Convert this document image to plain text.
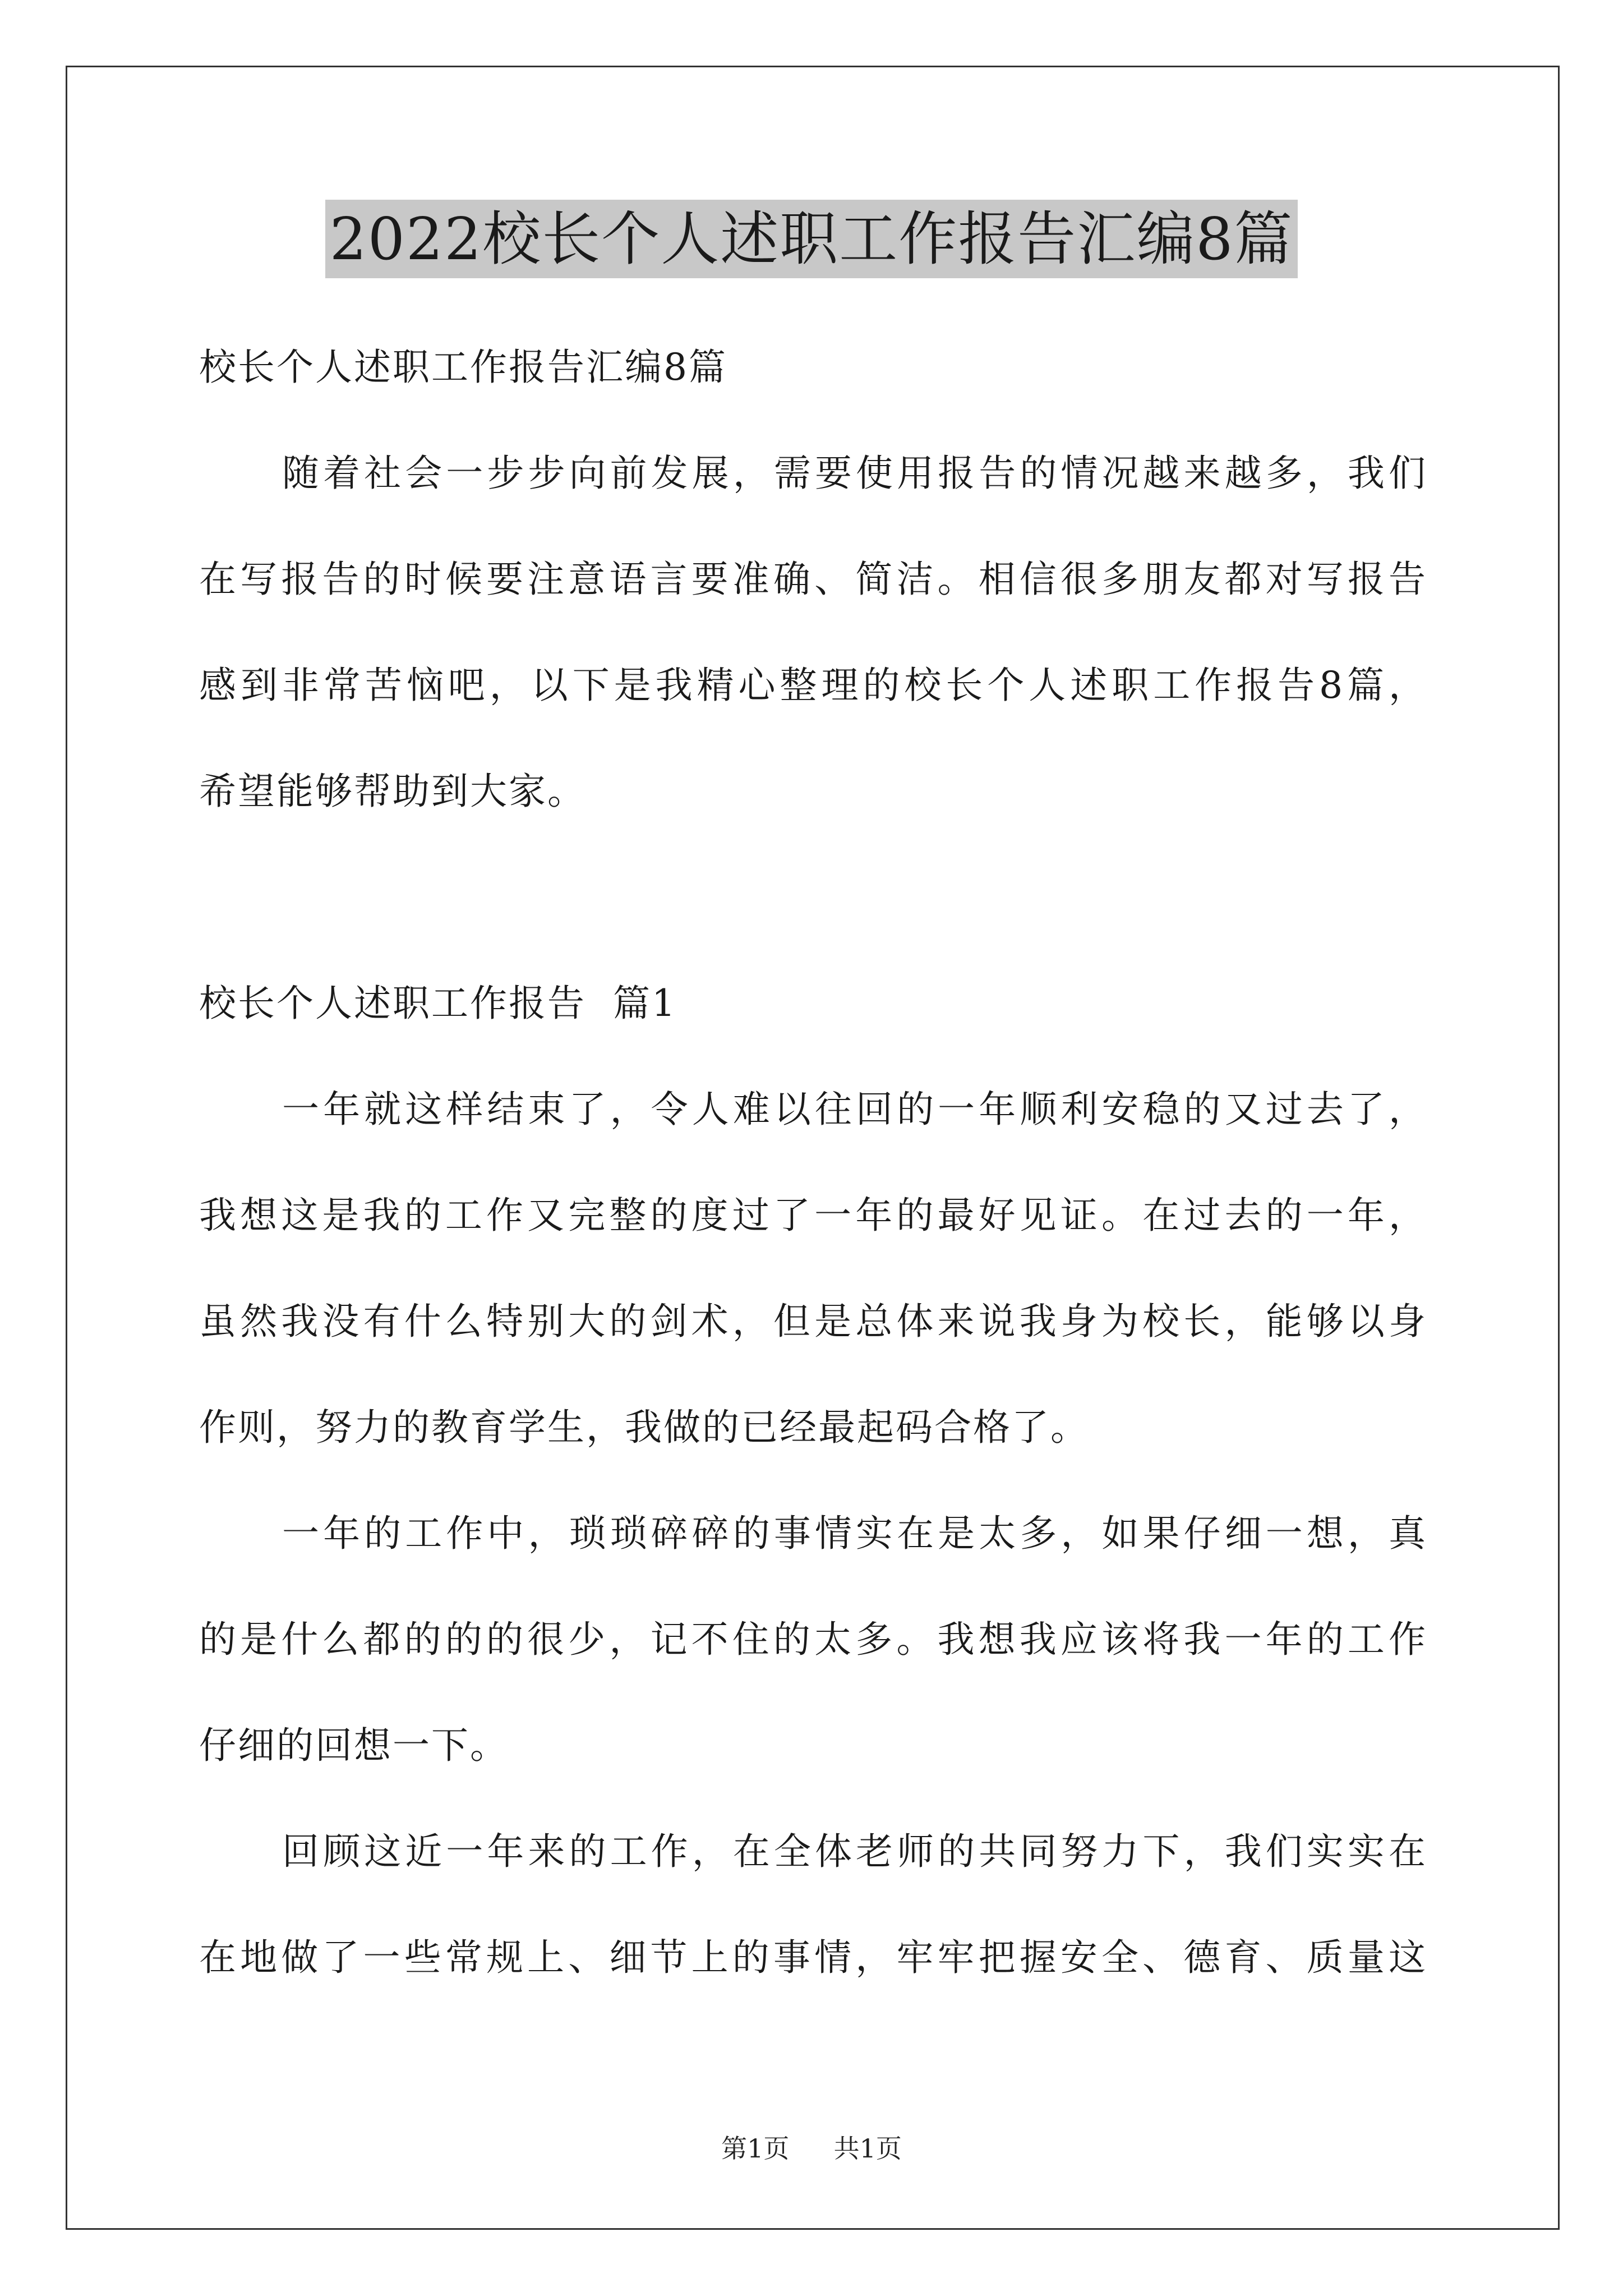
2022校长个人述职工作报告汇编8篇

校长个人述职工作报告汇编8篇

随着社会一步步向前发展，需要使用报告的情况越来越多，我们

在写报告的时候要注意语言要准确、简洁。相信很多朋友都对写报告

感到非常苦恼吧，以下是我精心整理的校长个人述职工作报告8篇，

希望能够帮助到大家。

校长个人述职工作报告  篇1

一年就这样结束了，令人难以往回的一年顺利安稳的又过去了，

我想这是我的工作又完整的度过了一年的最好见证。在过去的一年，

虽然我没有什么特别大的剑术，但是总体来说我身为校长，能够以身

作则，努力的教育学生，我做的已经最起码合格了。

一年的工作中，琐琐碎碎的事情实在是太多，如果仔细一想，真

的是什么都的的的很少，记不住的太多。我想我应该将我一年的工作

仔细的回想一下。

回顾这近一年来的工作，在全体老师的共同努力下，我们实实在

在地做了一些常规上、细节上的事情，牢牢把握安全、德育、质量这

第1页 共1页
